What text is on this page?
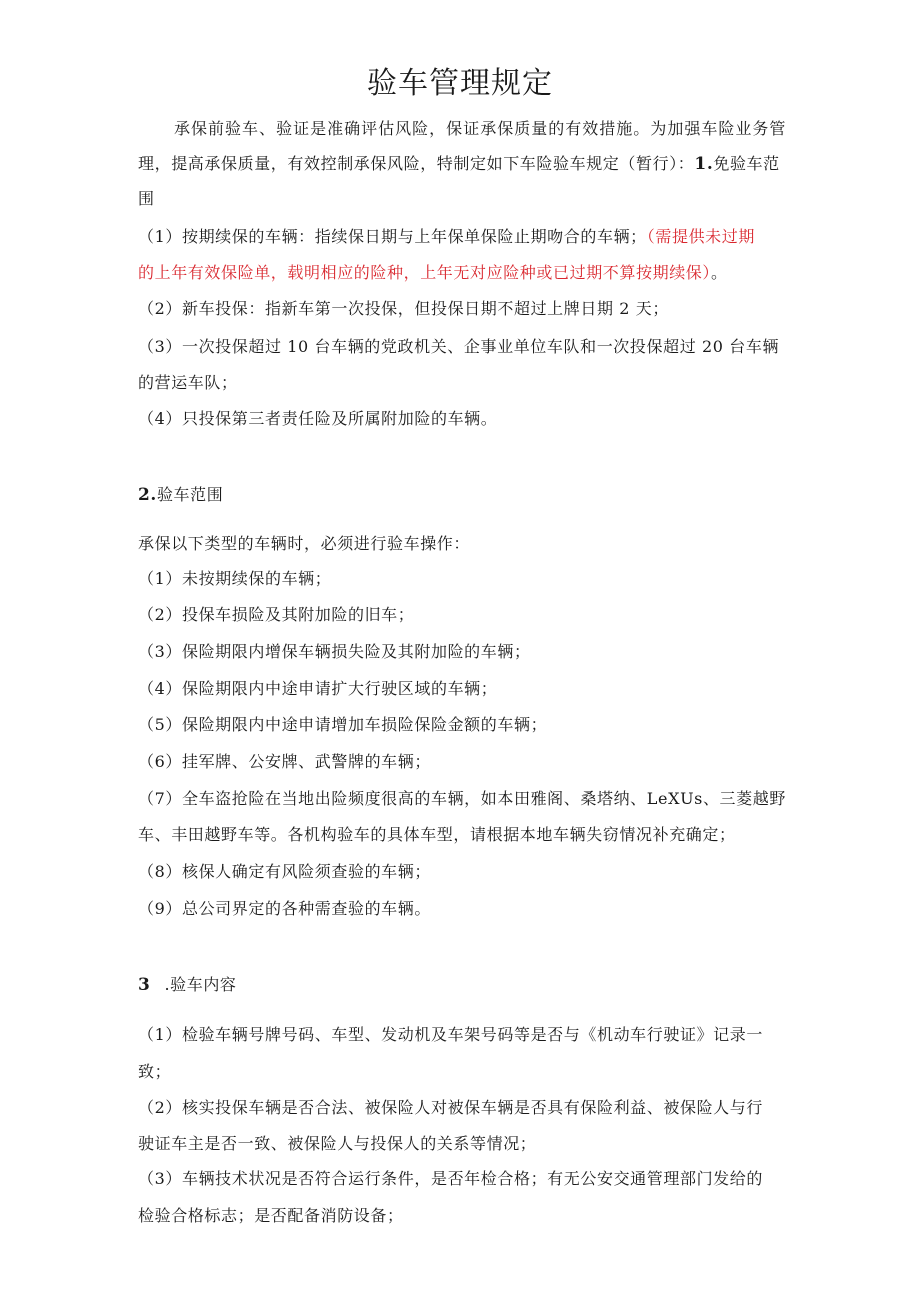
验车管理规定
承保前验车、验证是准确评估风险，保证承保质量的有效措施。为加强车险业务管
理，提高承保质量，有效控制承保风险，特制定如下车险验车规定（暂行）：1.免验车范
围
（1）按期续保的车辆：指续保日期与上年保单保险止期吻合的车辆；（需提供未过期
的上年有效保险单，载明相应的险种，上年无对应险种或已过期不算按期续保）。
（2）新车投保：指新车第一次投保，但投保日期不超过上牌日期 2 天；
（3）一次投保超过 10 台车辆的党政机关、企事业单位车队和一次投保超过 20 台车辆
的营运车队；
（4）只投保第三者责任险及所属附加险的车辆。
2.验车范围
承保以下类型的车辆时，必须进行验车操作：
（1）未按期续保的车辆；
（2）投保车损险及其附加险的旧车；
（3）保险期限内增保车辆损失险及其附加险的车辆；
（4）保险期限内中途申请扩大行驶区域的车辆；
（5）保险期限内中途申请增加车损险保险金额的车辆；
（6）挂军牌、公安牌、武警牌的车辆；
（7）全车盗抢险在当地出险频度很高的车辆，如本田雅阁、桑塔纳、LeXUs、三菱越野
车、丰田越野车等。各机构验车的具体车型，请根据本地车辆失窃情况补充确定；
（8）核保人确定有风险须查验的车辆；
（9）总公司界定的各种需查验的车辆。
3 .验车内容
（1）检验车辆号牌号码、车型、发动机及车架号码等是否与《机动车行驶证》记录一
致；
（2）核实投保车辆是否合法、被保险人对被保车辆是否具有保险利益、被保险人与行
驶证车主是否一致、被保险人与投保人的关系等情况；
（3）车辆技术状况是否符合运行条件，是否年检合格；有无公安交通管理部门发给的
检验合格标志；是否配备消防设备；
